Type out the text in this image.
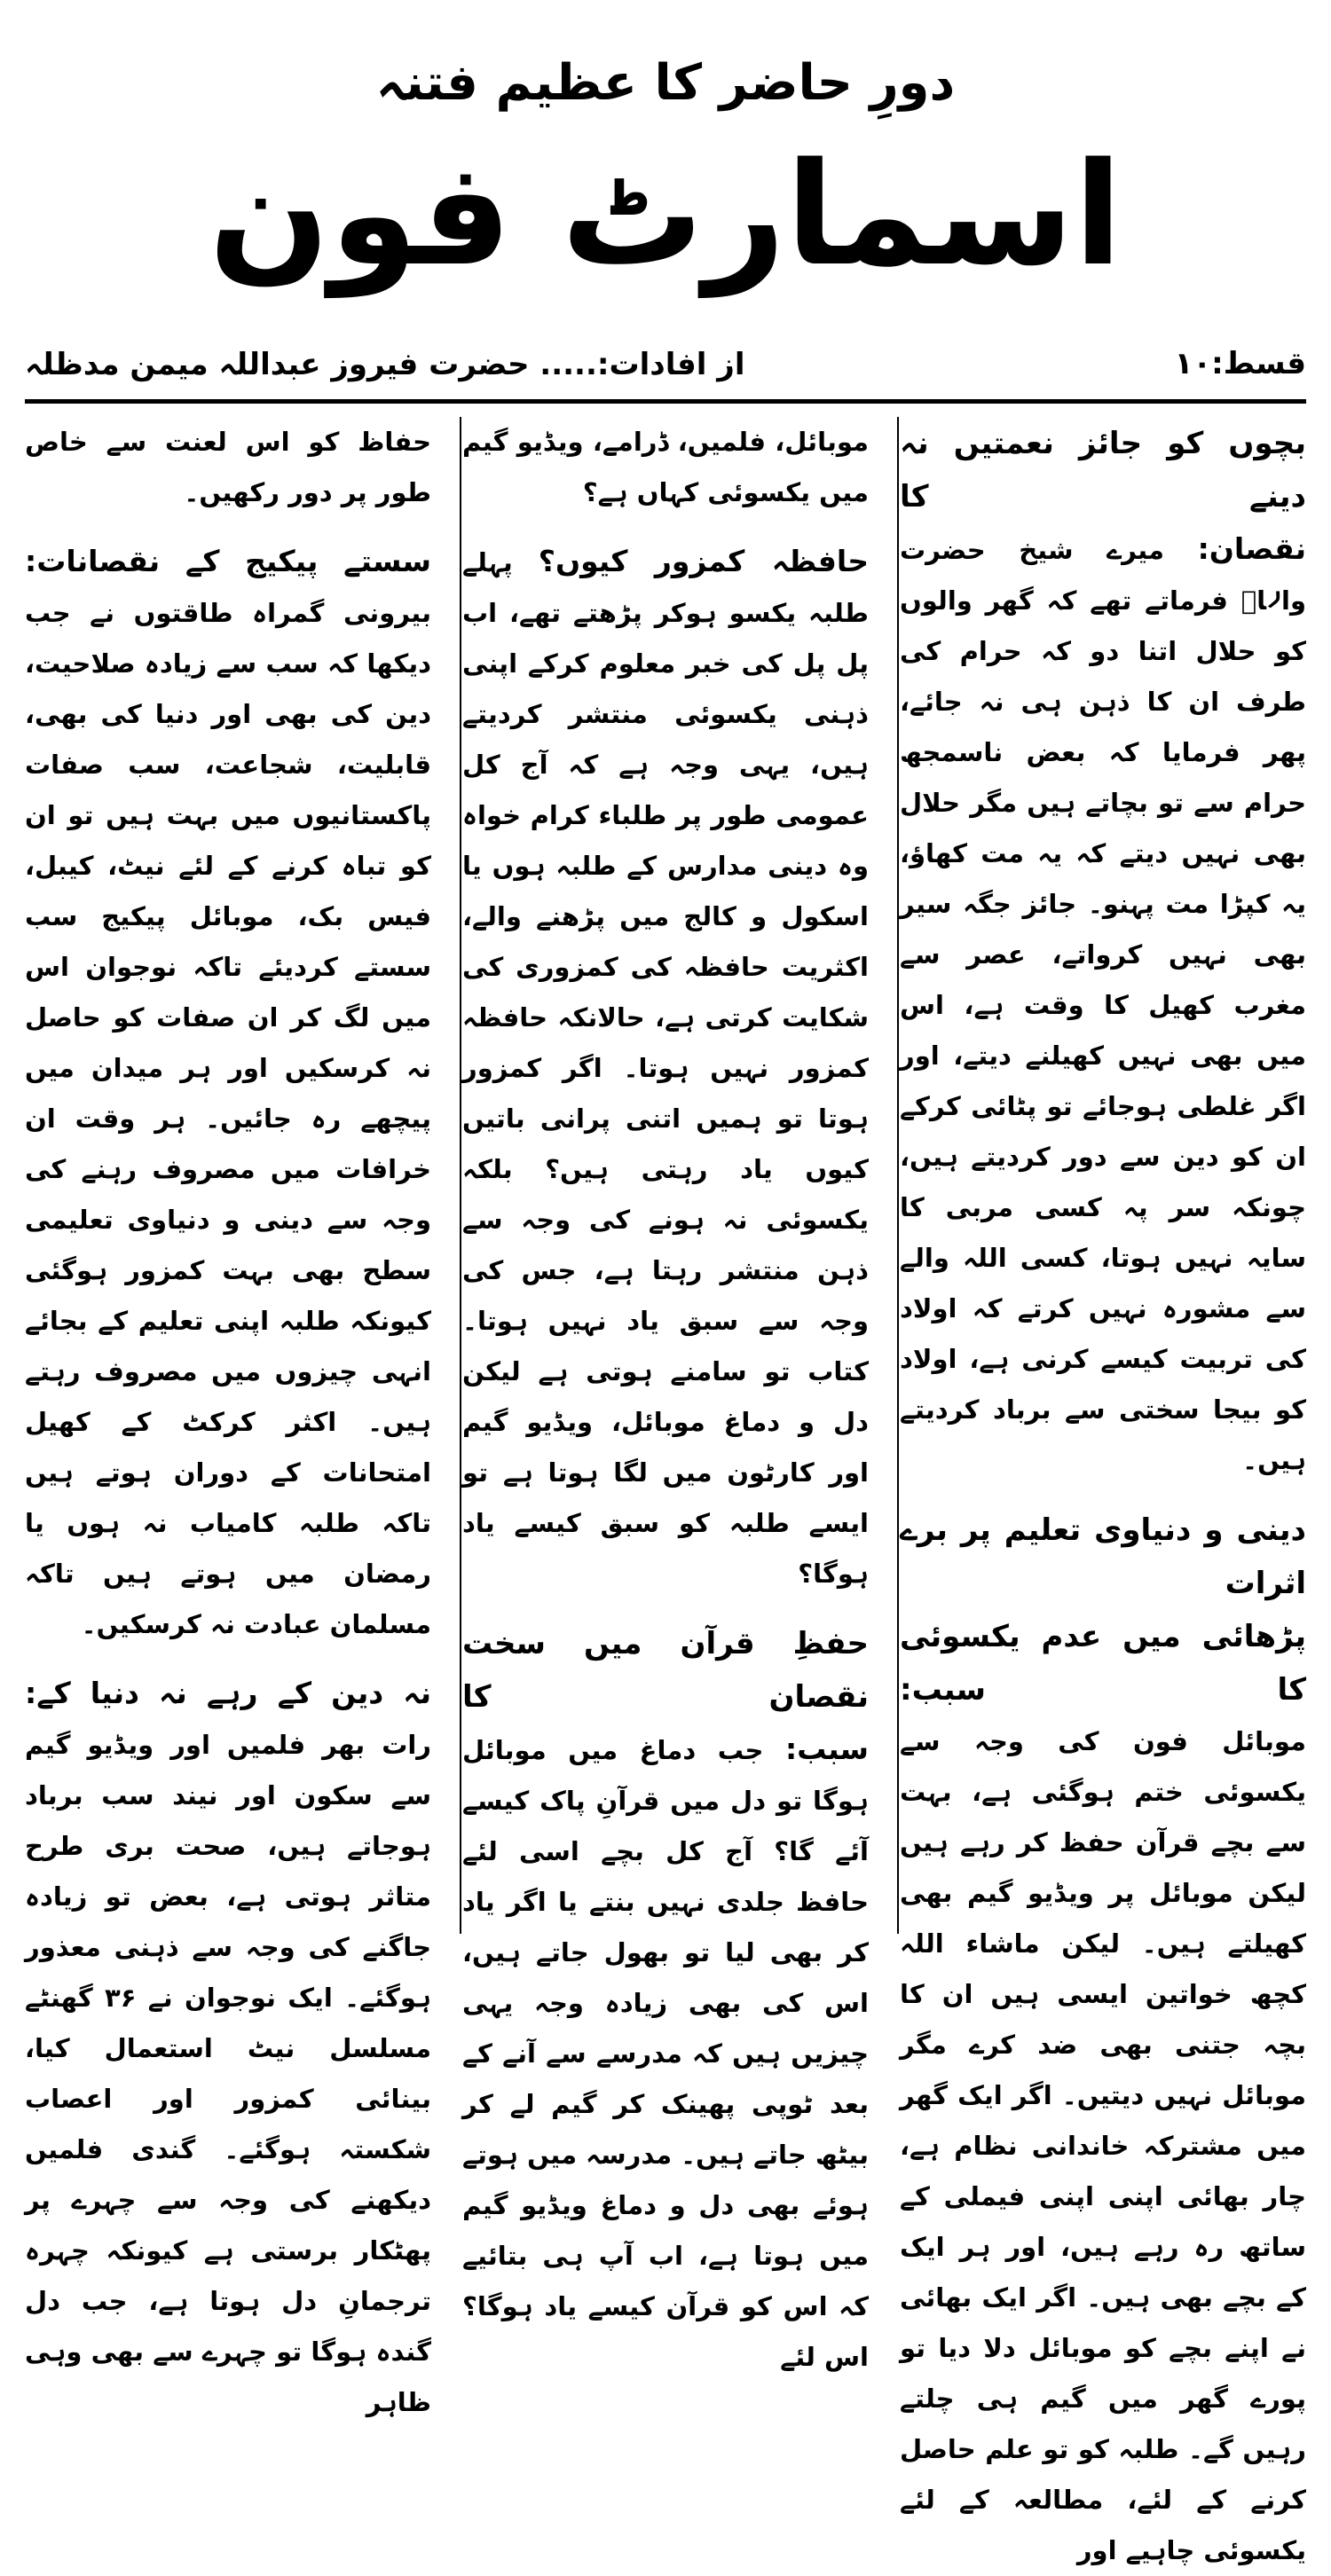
دورِ حاضر کا عظیم فتنہ
اسمارٹ فون
قسط:۱۰
از افادات:..... حضرت فیروز عبداللہ میمن مدظلہ
بچوں کو جائز نعمتیں نہ دینے کا
نقصان: میرے شیخ حضرت والاؒ فرماتے تھے کہ گھر والوں کو حلال اتنا دو کہ حرام کی طرف ان کا ذہن ہی نہ جائے، پھر فرمایا کہ بعض ناسمجھ حرام سے تو بچاتے ہیں مگر حلال بھی نہیں دیتے کہ یہ مت کھاؤ، یہ کپڑا مت پہنو۔ جائز جگہ سیر بھی نہیں کرواتے، عصر سے مغرب کھیل کا وقت ہے، اس میں بھی نہیں کھیلنے دیتے، اور اگر غلطی ہوجائے تو پٹائی کرکے ان کو دین سے دور کردیتے ہیں، چونکہ سر پہ کسی مربی کا سایہ نہیں ہوتا، کسی اللہ والے سے مشورہ نہیں کرتے کہ اولاد کی تربیت کیسے کرنی ہے، اولاد کو بیجا سختی سے برباد کردیتے ہیں۔
دینی و دنیاوی تعلیم پر برے اثرات
پڑھائی میں عدم یکسوئی کا سبب:
موبائل فون کی وجہ سے یکسوئی ختم ہوگئی ہے، بہت سے بچے قرآن حفظ کر رہے ہیں لیکن موبائل پر ویڈیو گیم بھی کھیلتے ہیں۔ لیکن ماشاء اللہ کچھ خواتین ایسی ہیں ان کا بچہ جتنی بھی ضد کرے مگر موبائل نہیں دیتیں۔ اگر ایک گھر میں مشترکہ خاندانی نظام ہے، چار بھائی اپنی اپنی فیملی کے ساتھ رہ رہے ہیں، اور ہر ایک کے بچے بھی ہیں۔ اگر ایک بھائی نے اپنے بچے کو موبائل دلا دیا تو پورے گھر میں گیم ہی چلتے رہیں گے۔ طلبہ کو تو علم حاصل کرنے کے لئے، مطالعہ کے لئے یکسوئی چاہیے اور
موبائل، فلمیں، ڈرامے، ویڈیو گیم میں یکسوئی کہاں ہے؟
حافظہ کمزور کیوں؟ پہلے طلبہ یکسو ہوکر پڑھتے تھے، اب پل پل کی خبر معلوم کرکے اپنی ذہنی یکسوئی منتشر کردیتے ہیں، یہی وجہ ہے کہ آج کل عمومی طور پر طلباء کرام خواہ وہ دینی مدارس کے طلبہ ہوں یا اسکول و کالج میں پڑھنے والے، اکثریت حافظہ کی کمزوری کی شکایت کرتی ہے، حالانکہ حافظہ کمزور نہیں ہوتا۔ اگر کمزور ہوتا تو ہمیں اتنی پرانی باتیں کیوں یاد رہتی ہیں؟ بلکہ یکسوئی نہ ہونے کی وجہ سے ذہن منتشر رہتا ہے، جس کی وجہ سے سبق یاد نہیں ہوتا۔ کتاب تو سامنے ہوتی ہے لیکن دل و دماغ موبائل، ویڈیو گیم اور کارٹون میں لگا ہوتا ہے تو ایسے طلبہ کو سبق کیسے یاد ہوگا؟
حفظِ قرآن میں سخت نقصان کا
سبب: جب دماغ میں موبائل ہوگا تو دل میں قرآنِ پاک کیسے آئے گا؟ آج کل بچے اسی لئے حافظ جلدی نہیں بنتے یا اگر یاد کر بھی لیا تو بھول جاتے ہیں، اس کی بھی زیادہ وجہ یہی چیزیں ہیں کہ مدرسے سے آنے کے بعد ٹوپی پھینک کر گیم لے کر بیٹھ جاتے ہیں۔ مدرسہ میں ہوتے ہوئے بھی دل و دماغ ویڈیو گیم میں ہوتا ہے، اب آپ ہی بتائیے کہ اس کو قرآن کیسے یاد ہوگا؟ اس لئے
حفاظ کو اس لعنت سے خاص طور پر دور رکھیں۔
سستے پیکیج کے نقصانات: بیرونی گمراہ طاقتوں نے جب دیکھا کہ سب سے زیادہ صلاحیت، دین کی بھی اور دنیا کی بھی، قابلیت، شجاعت، سب صفات پاکستانیوں میں بہت ہیں تو ان کو تباہ کرنے کے لئے نیٹ، کیبل، فیس بک، موبائل پیکیج سب سستے کردیئے تاکہ نوجوان اس میں لگ کر ان صفات کو حاصل نہ کرسکیں اور ہر میدان میں پیچھے رہ جائیں۔ ہر وقت ان خرافات میں مصروف رہنے کی وجہ سے دینی و دنیاوی تعلیمی سطح بھی بہت کمزور ہوگئی کیونکہ طلبہ اپنی تعلیم کے بجائے انہی چیزوں میں مصروف رہتے ہیں۔ اکثر کرکٹ کے کھیل امتحانات کے دوران ہوتے ہیں تاکہ طلبہ کامیاب نہ ہوں یا رمضان میں ہوتے ہیں تاکہ مسلمان عبادت نہ کرسکیں۔
نہ دین کے رہے نہ دنیا کے: رات بھر فلمیں اور ویڈیو گیم سے سکون اور نیند سب برباد ہوجاتے ہیں، صحت بری طرح متاثر ہوتی ہے، بعض تو زیادہ جاگنے کی وجہ سے ذہنی معذور ہوگئے۔ ایک نوجوان نے ۳۶ گھنٹے مسلسل نیٹ استعمال کیا، بینائی کمزور اور اعصاب شکستہ ہوگئے۔ گندی فلمیں دیکھنے کی وجہ سے چہرے پر پھٹکار برستی ہے کیونکہ چہرہ ترجمانِ دل ہوتا ہے، جب دل گندہ ہوگا تو چہرے سے بھی وہی ظاہر
